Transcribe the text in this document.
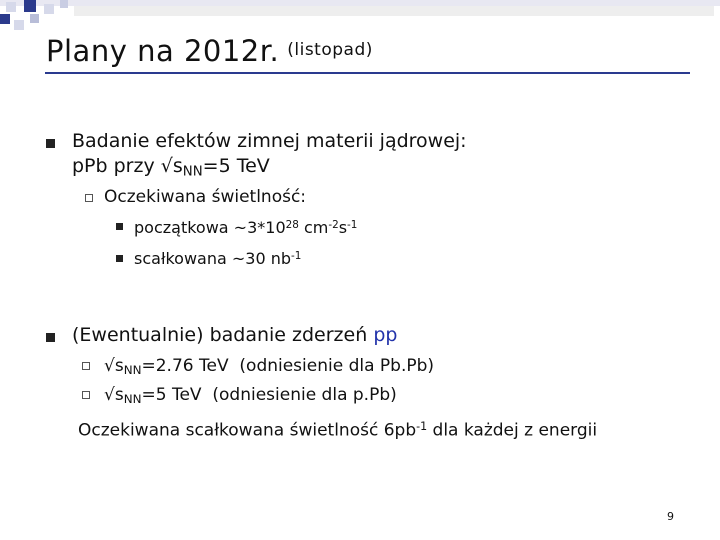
Plany na 2012r. $^{(listopad)}$
Badanie efektów zimnej materii jądrowej:
pPb przy $√s_{NN}=5$ TeV
Oczekiwana świetlność:
początkowa $\sim 3*10^{28}$ $cm^{-2}s^{-1}$
scałkowana ~30 $nb^{-1}$
(Ewentualnie) badanie zderzeń pp
$√s_{NN}=2.76$ TeV (odniesienie dla Pb.Pb)
$√s_{NN}=5$ TeV (odniesienie dla p.Pb)
Oczekiwana scałkowana świetlność $6pb^{-1}$ dla każdej z energii
9
